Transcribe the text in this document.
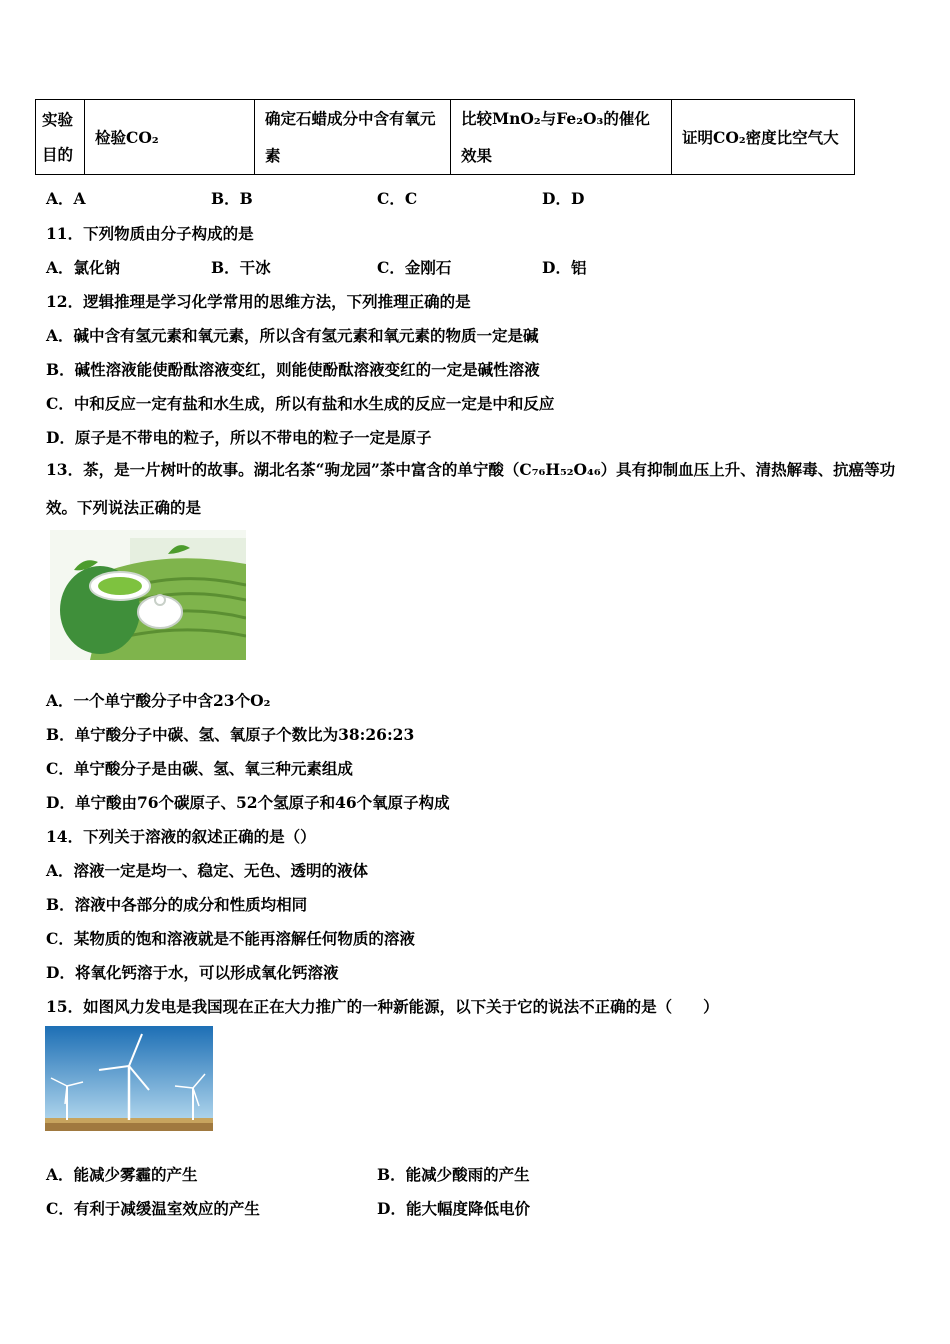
实验目的	检验CO₂	确定石蜡成分中含有氧元素	比较MnO₂与Fe₂O₃的催化效果	证明CO₂密度比空气大
A．A	B．B	C．C	D．D
11．下列物质由分子构成的是
A．氯化钠	B．干冰	C．金刚石	D．铝
12．逻辑推理是学习化学常用的思维方法，下列推理正确的是
A．碱中含有氢元素和氧元素，所以含有氢元素和氧元素的物质一定是碱
B．碱性溶液能使酚酞溶液变红，则能使酚酞溶液变红的一定是碱性溶液
C．中和反应一定有盐和水生成，所以有盐和水生成的反应一定是中和反应
D．原子是不带电的粒子，所以不带电的粒子一定是原子
13．茶，是一片树叶的故事。湖北名茶“驹龙园”茶中富含的单宁酸（C₇₆H₅₂O₄₆）具有抑制血压上升、清热解毒、抗癌等功效。下列说法正确的是
A．一个单宁酸分子中含23个O₂
B．单宁酸分子中碳、氢、氧原子个数比为38:26:23
C．单宁酸分子是由碳、氢、氧三种元素组成
D．单宁酸由76个碳原子、52个氢原子和46个氧原子构成
14．下列关于溶液的叙述正确的是（）
A．溶液一定是均一、稳定、无色、透明的液体
B．溶液中各部分的成分和性质均相同
C．某物质的饱和溶液就是不能再溶解任何物质的溶液
D．将氧化钙溶于水，可以形成氧化钙溶液
15．如图风力发电是我国现在正在大力推广的一种新能源，以下关于它的说法不正确的是（　　）
A．能减少雾霾的产生	B．能减少酸雨的产生
C．有利于减缓温室效应的产生	D．能大幅度降低电价
